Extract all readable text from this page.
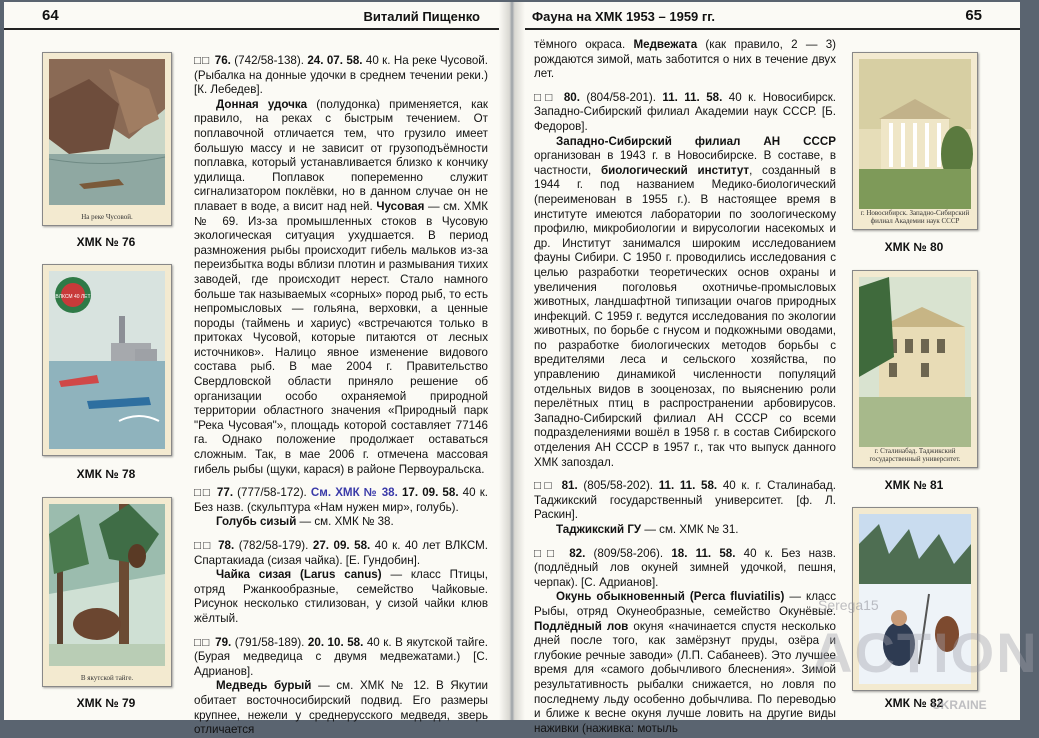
64	Виталий Пищенко
На реке Чусовой.
ХМК № 76
ВЛКСМ 40 ЛЕТ
ХМК № 78
В якутской тайге.
ХМК № 79

□□ 76. (742/58-138). 24. 07. 58. 40 к. На реке Чусовой. (Рыбалка на донные удочки в среднем течении реки.) [К. Лебедев].
Донная удочка (полудонка) применяется, как правило, на реках с быстрым течением. От поплавочной отличается тем, что грузило имеет большую массу и не зависит от грузоподъёмности поплавка, который устанавливается близко к кончику удилища. Поплавок попеременно служит сигнализатором поклёвки, но в данном случае он не плавает в воде, а висит над ней. Чусовая — см. ХМК № 69. Из-за промышленных стоков в Чусовую экологическая ситуация ухудшается. В период размножения рыбы происходит гибель мальков из-за переизбытка воды вблизи плотин и размывания тихих заводей, где происходит нерест. Стало намного больше так называемых «сорных» пород рыб, то есть непромысловых — гольяна, верховки, а ценные породы (таймень и хариус) «встречаются только в притоках Чусовой, которые питаются от лесных источников». Налицо явное изменение видового состава рыб. В мае 2004 г. Правительство Свердловской области приняло решение об организации особо охраняемой природной территории областного значения «Природный парк "Река Чусовая"», площадь которой составляет 77146 га. Однако положение продолжает оставаться сложным. Так, в мае 2006 г. отмечена массовая гибель рыбы (щуки, карася) в районе Первоуральска.

□□ 77. (777/58-172). См. ХМК № 38. 17. 09. 58. 40 к. Без назв. (скульптура «Нам нужен мир», голубь).
Голубь сизый — см. ХМК № 38.

□□ 78. (782/58-179). 27. 09. 58. 40 к. 40 лет ВЛКСМ. Спартакиада (сизая чайка). [Е. Гундобин].
Чайка сизая (Larus canus) — класс Птицы, отряд Ржанкообразные, семейство Чайковые. Рисунок несколько стилизован, у сизой чайки клюв жёлтый.

□□ 79. (791/58-189). 20. 10. 58. 40 к. В якутской тайге. (Бурая медведица с двумя медвежатами.) [С. Адрианов].
Медведь бурый — см. ХМК № 12. В Якутии обитает восточносибирский подвид. Его размеры крупнее, нежели у среднерусского медведя, зверь отличается

Фауна на ХМК 1953 – 1959 гг.	65

тёмного окраса. Медвежата (как правило, 2 — 3) рождаются зимой, мать заботится о них в течение двух лет.

□□ 80. (804/58-201). 11. 11. 58. 40 к. Новосибирск. Западно-Сибирский филиал Академии наук СССР. [Б. Федоров].
Западно-Сибирский филиал АН СССР организован в 1943 г. в Новосибирске. В составе, в частности, биологический институт, созданный в 1944 г. под названием Медико-биологический (переименован в 1955 г.). В настоящее время в институте имеются лаборатории по зоологическому профилю, микробиологии и вирусологии насекомых и др. Институт занимался широким исследованием фауны Сибири. С 1950 г. проводились исследования с целью разработки теоретических основ охраны и увеличения поголовья охотничье-промысловых животных, ландшафтной типизации очагов природных инфекций. С 1959 г. ведутся исследования по экологии животных, по борьбе с гнусом и подкожными оводами, по разработке биологических методов борьбы с вредителями леса и сельского хозяйства, по управлению динамикой численности популяций отдельных видов в зооценозах, по выяснению роли перелётных птиц в распространении арбовирусов. Западно-Сибирский филиал АН СССР со всеми подразделениями вошёл в 1958 г. в состав Сибирского отделения АН СССР в 1957 г., так что выпуск данного ХМК запоздал.

□□ 81. (805/58-202). 11. 11. 58. 40 к. г. Сталинабад. Таджикский государственный университет. [ф. Л. Раскин].
Таджикский ГУ — см. ХМК № 31.

□□ 82. (809/58-206). 18. 11. 58. 40 к. Без назв. (подлёдный лов окуней зимней удочкой, пешня, черпак). [С. Адрианов].
Окунь обыкновенный (Perca fluviatilis) — класс Рыбы, отряд Окунеобразные, семейство Окунёвые. Подлёдный лов окуня «начинается спустя несколько дней после того, как замёрзнут пруды, озёра и глубокие речные заводи» (Л.П. Сабанеев). Это лучшее время для «самого добычливого блеснения». Зимой результативность рыбалки снижается, но ловля по последнему льду особенно добычлива. По переводью и ближе к весне окуня лучше ловить на другие виды наживки (наживка: мотыль

г. Новосибирск. Западно-Сибирский филиал Академии наук СССР
ХМК № 80
г. Сталинабад. Таджикский государственный университет.
ХМК № 81
ХМК № 82
Serega15
ACTION
UKRAINE
